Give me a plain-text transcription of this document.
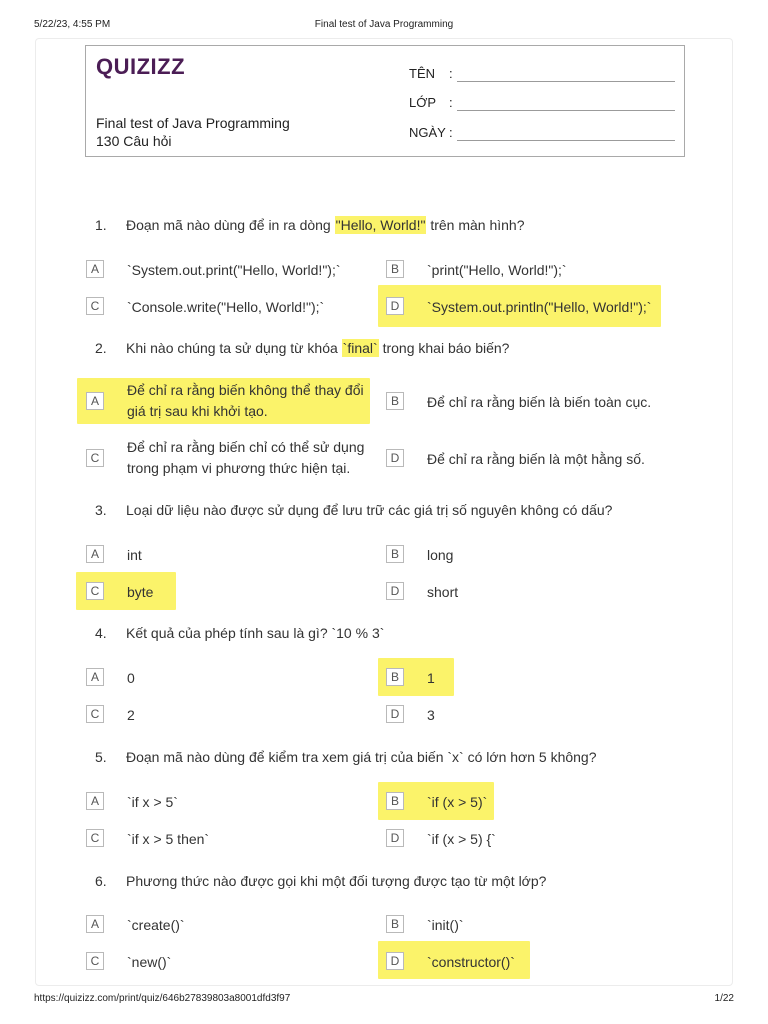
5/22/23, 4:55 PM	Final test of Java Programming
QUIZIZZ
Final test of Java Programming
130 Câu hỏi
TÊN :
LỚP :
NGÀY :
1. Đoạn mã nào dùng để in ra dòng "Hello, World!" trên màn hình?
A	`System.out.print("Hello, World!");`	B	`print("Hello, World!");`
C	`Console.write("Hello, World!");`	D	`System.out.println("Hello, World!");`
2. Khi nào chúng ta sử dụng từ khóa `final` trong khai báo biến?
A
Để chỉ ra rằng biến không thể thay đổi giá trị sau khi khởi tạo.
B	Để chỉ ra rằng biến là biến toàn cục.
C
Để chỉ ra rằng biến chỉ có thể sử dụng trong phạm vi phương thức hiện tại.
D	Để chỉ ra rằng biến là một hằng số.
3. Loại dữ liệu nào được sử dụng để lưu trữ các giá trị số nguyên không có dấu?
A	int	B	long
C	byte	D	short
4. Kết quả của phép tính sau là gì? `10 % 3`
A	0	B	1
C	2	D	3
5. Đoạn mã nào dùng để kiểm tra xem giá trị của biến `x` có lớn hơn 5 không?
A	`if x > 5`	B	`if (x > 5)`
C	`if x > 5 then`	D	`if (x > 5) {`
6. Phương thức nào được gọi khi một đối tượng được tạo từ một lớp?
A	`create()`	B	`init()`
C	`new()`	D	`constructor()`
https://quizizz.com/print/quiz/646b27839803a8001dfd3f97	1/22
